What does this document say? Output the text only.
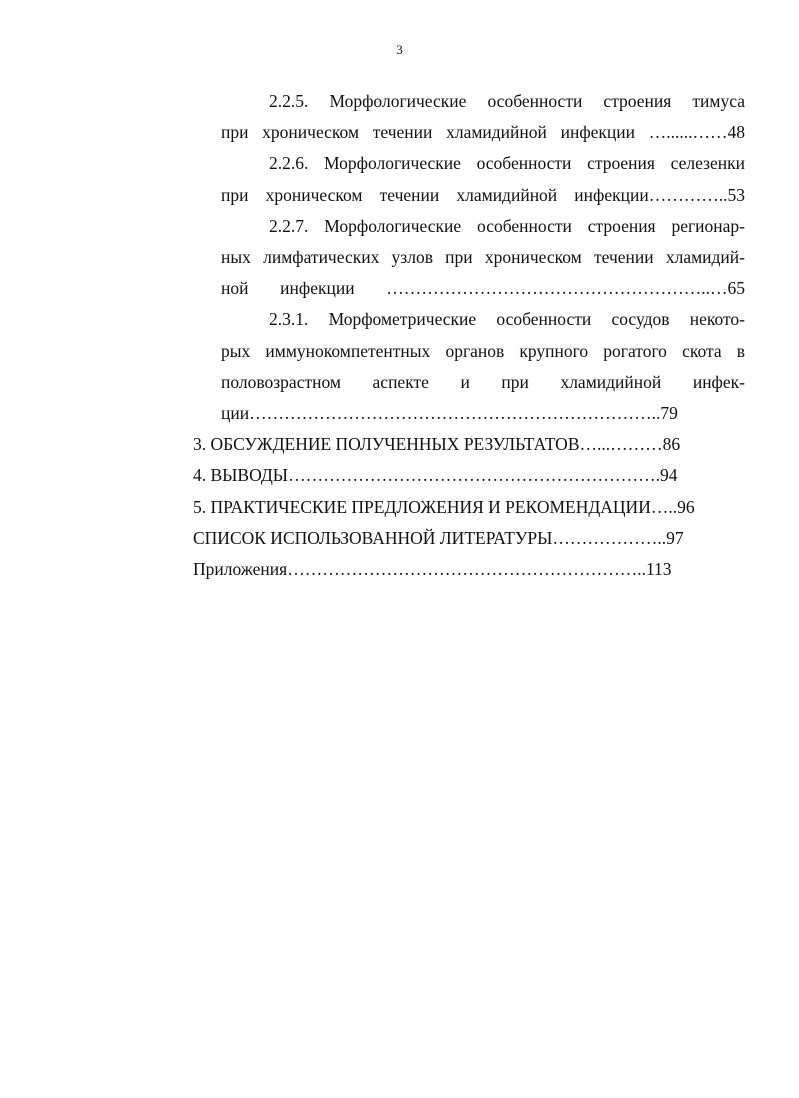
3
2.2.5. Морфологические особенности строения тимуса
при хроническом течении хламидийной инфекции …......……48
2.2.6. Морфологические особенности строения селезенки
при хроническом течении хламидийной инфекции…………..53
2.2.7. Морфологические особенности строения регионар-
ных лимфатических узлов при хроническом течении хламидий-
ной инфекции ………………………………………………..…65
2.3.1. Морфометрические особенности сосудов некото-
рых иммунокомпетентных органов крупного рогатого скота в
половозрастном аспекте и при хламидийной инфек-
ции……………………………………………………………..79
3. ОБСУЖДЕНИЕ ПОЛУЧЕННЫХ РЕЗУЛЬТАТОВ…...………86
4. ВЫВОДЫ……………………………………………………….94
5. ПРАКТИЧЕСКИЕ ПРЕДЛОЖЕНИЯ И РЕКОМЕНДАЦИИ…..96
СПИСОК ИСПОЛЬЗОВАННОЙ ЛИТЕРАТУРЫ………………..97
Приложения……………………………………………………..113
